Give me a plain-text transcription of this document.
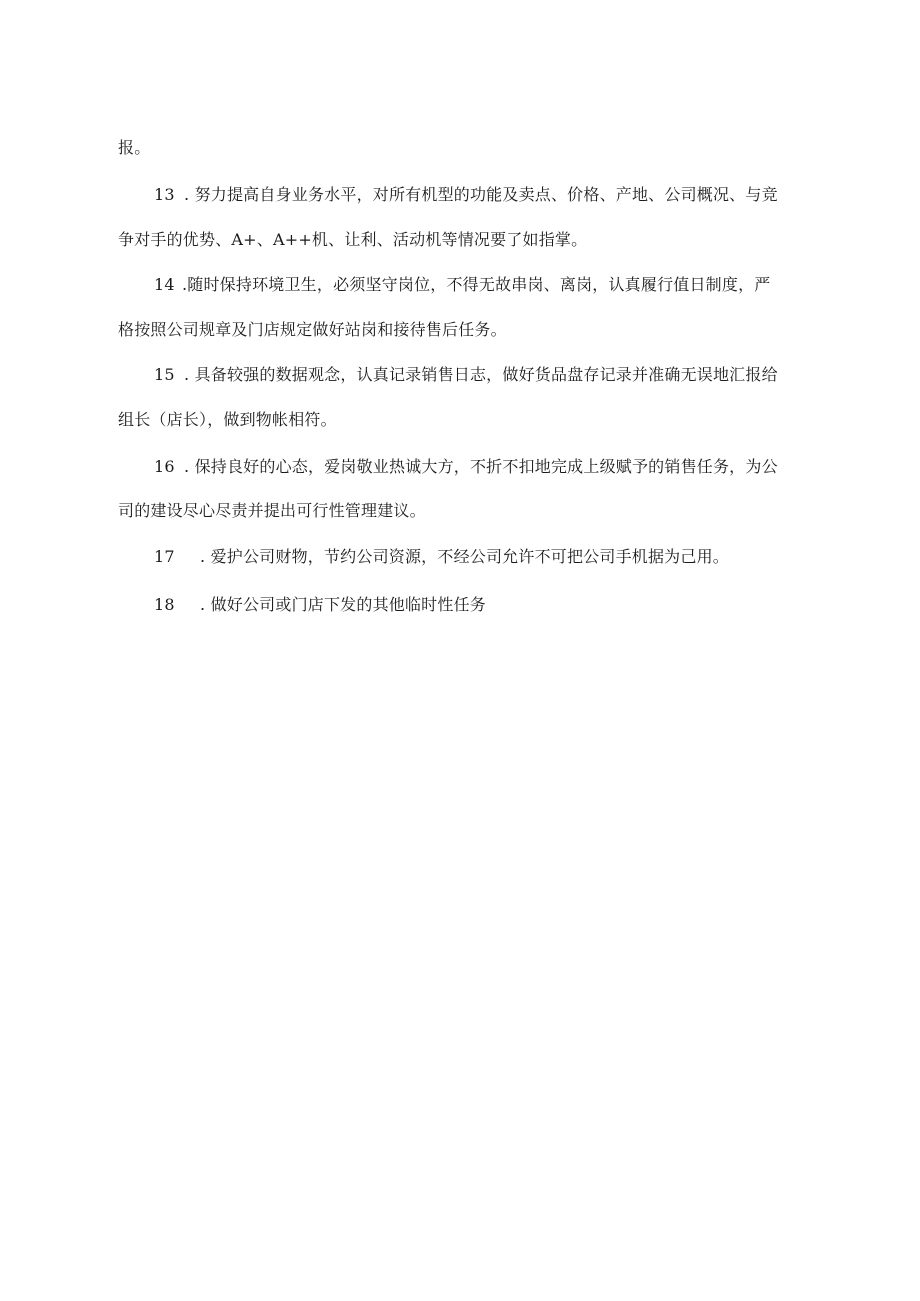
报。
13 . 努力提高自身业务水平，对所有机型的功能及卖点、价格、产地、公司概况、与竞
争对手的优势、A+、A++机、让利、活动机等情况要了如指掌。
14 .随时保持环境卫生，必须坚守岗位，不得无故串岗、离岗，认真履行值日制度，严
格按照公司规章及门店规定做好站岗和接待售后任务。
15 . 具备较强的数据观念，认真记录销售日志，做好货品盘存记录并准确无误地汇报给
组长（店长），做到物帐相符。
16 . 保持良好的心态，爱岗敬业热诚大方，不折不扣地完成上级赋予的销售任务，为公
司的建设尽心尽责并提出可行性管理建议。
17 . 爱护公司财物，节约公司资源，不经公司允许不可把公司手机据为己用。
18 . 做好公司或门店下发的其他临时性任务
